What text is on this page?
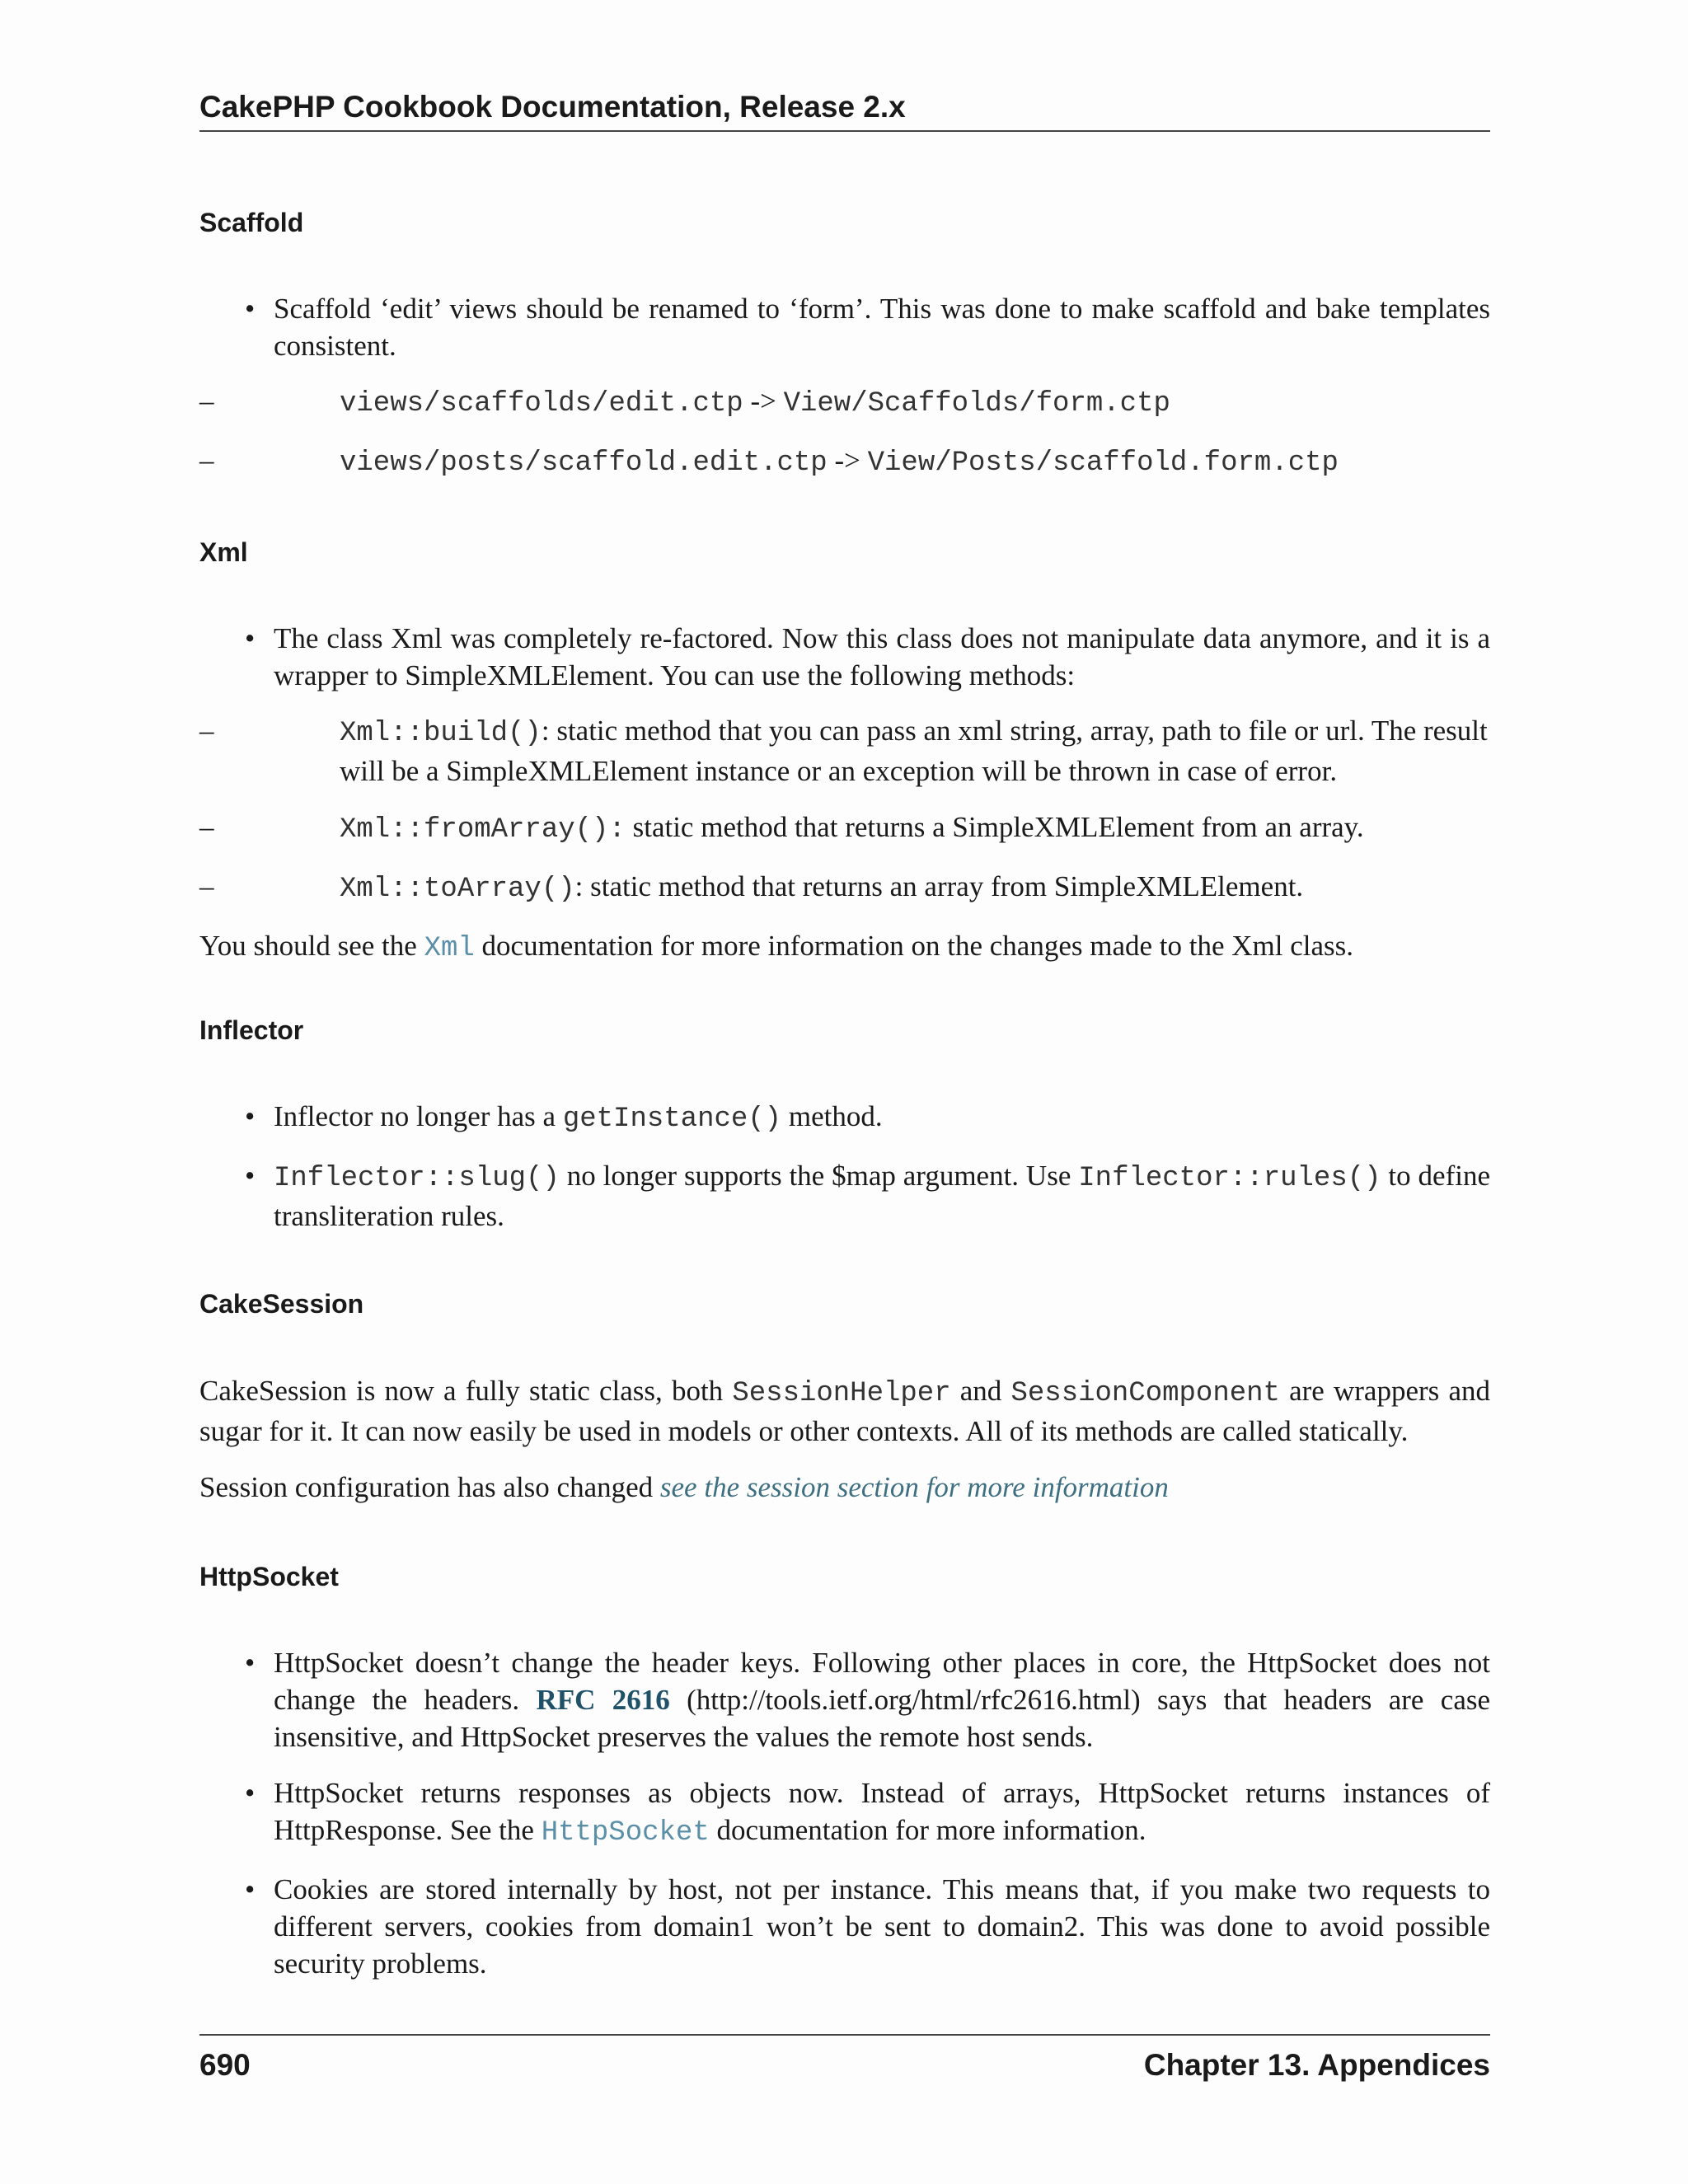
CakePHP Cookbook Documentation, Release 2.x
Scaffold
• Scaffold ‘edit’ views should be renamed to ‘form’. This was done to make scaffold and bake templates consistent.
–	views/scaffolds/edit.ctp -> View/Scaffolds/form.ctp
–	views/posts/scaffold.edit.ctp -> View/Posts/scaffold.form.ctp
Xml
• The class Xml was completely re-factored. Now this class does not manipulate data anymore, and it is a wrapper to SimpleXMLElement. You can use the following methods:
–	Xml::build(): static method that you can pass an xml string, array, path to file or url. The result will be a SimpleXMLElement instance or an exception will be thrown in case of error.
–	Xml::fromArray(): static method that returns a SimpleXMLElement from an array.
–	Xml::toArray(): static method that returns an array from SimpleXMLElement.

You should see the Xml documentation for more information on the changes made to the Xml class.

Inflector
• Inflector no longer has a getInstance() method.
• Inflector::slug() no longer supports the $map argument. Use Inflector::rules() to define transliteration rules.
CakeSession

CakeSession is now a fully static class, both SessionHelper and SessionComponent are wrappers and sugar for it. It can now easily be used in models or other contexts. All of its methods are called statically.

Session configuration has also changed see the session section for more information

HttpSocket
• HttpSocket doesn’t change the header keys. Following other places in core, the HttpSocket does not change the headers. RFC 2616 (http://tools.ietf.org/html/rfc2616.html) says that headers are case insensitive, and HttpSocket preserves the values the remote host sends.
• HttpSocket returns responses as objects now. Instead of arrays, HttpSocket returns instances of HttpResponse. See the HttpSocket documentation for more information.
• Cookies are stored internally by host, not per instance. This means that, if you make two requests to different servers, cookies from domain1 won’t be sent to domain2. This was done to avoid possible security problems.
690	Chapter 13. Appendices
